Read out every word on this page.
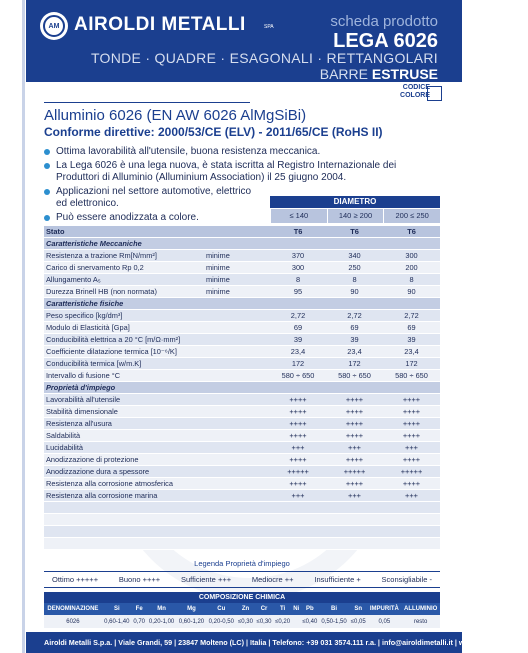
AM AIROLDI METALLI	SPA	scheda prodotto
LEGA 6026
TONDE · QUADRE · ESAGONALI · RETTANGOLARI
BARRE ESTRUSE
CODICE
COLORE
Alluminio 6026 (EN AW 6026 AlMgSiBi)
Conforme direttive: 2000/53/CE (ELV) - 2011/65/CE (RoHS II)
Ottima lavorabilità all'utensile, buona resistenza meccanica.
La Lega 6026 è una lega nuova, è stata iscritta al Registro Internazionale dei Produttori di Alluminio (Alluminium Association) il 25 giugno 2004.
Applicazioni nel settore automotive, elettrico ed elettronico.
Può essere anodizzata a colore.
DIAMETRO
≤ 140	140 ≥ 200	200 ≤ 250
Stato		T6	T6	T6
Caratteristiche Meccaniche				
Resistenza a trazione Rm[N/mm²]	minime	370	340	300
Carico di snervamento Rp 0,2	minime	300	250	200
Allungamento A₅	minime	8	8	8
Durezza Brinell HB (non normata)	minime	95	90	90
Caratteristiche fisiche				
Peso specifico [kg/dm³]		2,72	2,72	2,72
Modulo di Elasticità [Gpa]		69	69	69
Conducibilità elettrica a 20 °C [m/Ω·mm²]		39	39	39
Coefficiente dilatazione termica [10⁻⁶/K]		23,4	23,4	23,4
Conducibilità termica [w/m.K]		172	172	172
Intervallo di fusione °C		580 ÷ 650	580 ÷ 650	580 ÷ 650
Proprietà d'impiego				
Lavorabilità all'utensile		++++	++++	++++
Stabilità dimensionale		++++	++++	++++
Resistenza all'usura		++++	++++	++++
Saldabilità		++++	++++	++++
Lucidabilità		+++	+++	+++
Anodizzazione di protezione		++++	++++	++++
Anodizzazione dura a spessore		+++++	+++++	+++++
Resistenza alla corrosione atmosferica		++++	++++	++++
Resistenza alla corrosione marina		+++	+++	+++

Legenda Proprietà d'impiego
Ottimo +++++	Buono ++++	Sufficiente +++	Mediocre ++	Insufficiente +	Sconsigliabile -
COMPOSIZIONE CHIMICA
DENOMINAZIONE	Si	Fe	Mn	Mg	Cu	Zn	Cr	Ti	Ni	Pb	Bi	Sn	IMPURITÀ	ALLUMINIO
6026	0,60-1,40	0,70	0,20-1,00	0,60-1,20	0,20-0,50	≤0,30	≤0,30	≤0,20		≤0,40	0,50-1,50	≤0,05	0,05	resto
Airoldi Metalli S.p.a. | Viale Grandi, 59 | 23847 Molteno (LC) | Italia | Telefono: +39 031 3574.111 r.a. | info@airoldimetalli.it | www.airoldimetalli.it
